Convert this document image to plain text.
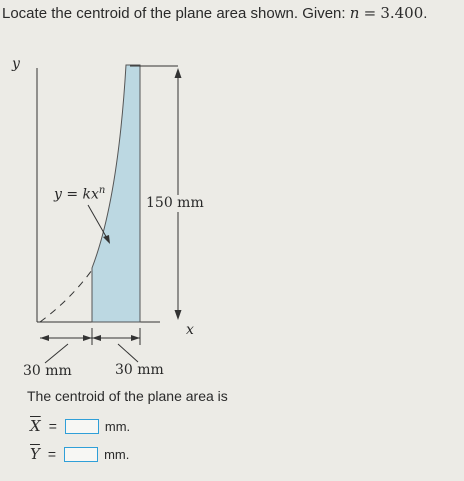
Locate the centroid of the plane area shown. Given: n = 3.400.
y
x
$y = kx^n$
150 mm
30 mm	30 mm
The centroid of the plane area is
$\overline{X}$ =	mm.
$\overline{Y}$ =	mm.
